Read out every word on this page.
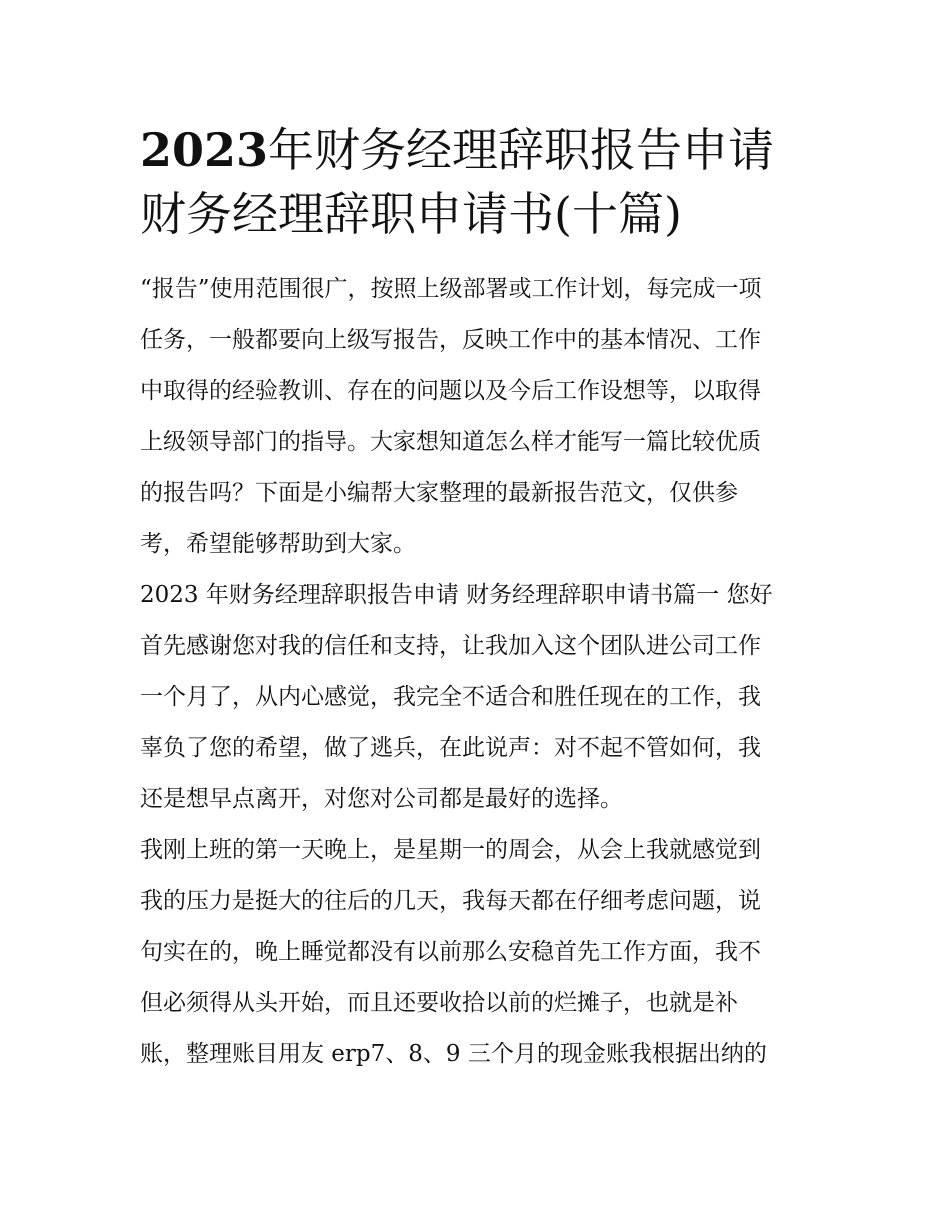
2023年财务经理辞职报告申请
财务经理辞职申请书(十篇)

“报告”使用范围很广，按照上级部署或工作计划，每完成一项
任务，一般都要向上级写报告，反映工作中的基本情况、工作
中取得的经验教训、存在的问题以及今后工作设想等，以取得
上级领导部门的指导。大家想知道怎么样才能写一篇比较优质
的报告吗？下面是小编帮大家整理的最新报告范文，仅供参
考，希望能够帮助到大家。

2023 年财务经理辞职报告申请 财务经理辞职申请书篇一 您好
首先感谢您对我的信任和支持，让我加入这个团队进公司工作
一个月了，从内心感觉，我完全不适合和胜任现在的工作，我
辜负了您的希望，做了逃兵，在此说声：对不起不管如何，我
还是想早点离开，对您对公司都是最好的选择。

我刚上班的第一天晚上，是星期一的周会，从会上我就感觉到
我的压力是挺大的往后的几天，我每天都在仔细考虑问题，说
句实在的，晚上睡觉都没有以前那么安稳首先工作方面，我不
但必须得从头开始，而且还要收拾以前的烂摊子，也就是补
账，整理账目用友 erp7、8、9 三个月的现金账我根据出纳的
